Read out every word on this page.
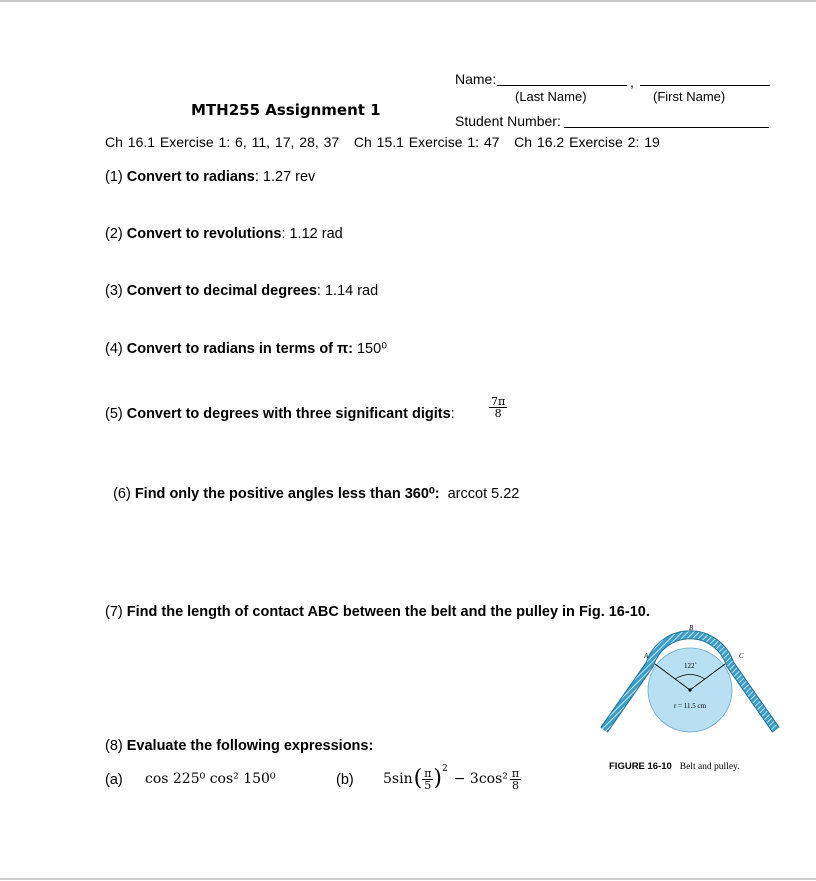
Name:	,
(Last Name)	(First Name)
MTH255 Assignment 1
Student Number:
Ch 16.1 Exercise 1: 6, 11, 17, 28, 37   Ch 15.1 Exercise 1: 47   Ch 16.2 Exercise 2: 19
(1) Convert to radians: 1.27 rev
(2) Convert to revolutions: 1.12 rad
(3) Convert to decimal degrees: 1.14 rad
(4) Convert to radians in terms of π: 150⁰
(5) Convert to degrees with three significant digits:	$\frac{7\pi}{8}$

(6) Find only the positive angles less than 360⁰:  arccot 5.22

(7) Find the length of contact ABC between the belt and the pulley in Fig. 16-10.
A
B
C
122˚
r = 11.5 cm
FIGURE 16-10 Belt and pulley.
(8) Evaluate the following expressions:
(a) cos 225⁰ cos² 150⁰	(b) 5sin ( $\frac{\pi}{5}$ ) 2
− $3\cos^2 \frac{\pi}{8}$
